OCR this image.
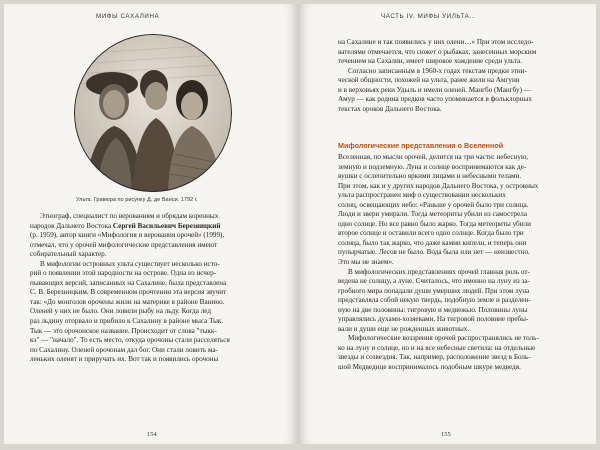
МИФЫ САХАЛИНА
Ульта. Гравюра по рисунку Д. де Ванси. 1792 г.
Этнограф, специалист по верованиям и обрядам коренных
народов Дальнего Востока Сергей Васильевич Березницкий
(р. 1959), автор книги «Мифология и верования орочей» (1999),
отмечал, что у орочей мифологические представления имеют
собирательный характер.
В мифологии островных ульта существует несколько исто-
рий о появлении этой народности на острове. Одна из исчер-
пывающих версий, записанных на Сахалине, была представлена
С. В. Березницким. В современном прочтении эта версия звучит
так: «До монголов орочены жили на материке в районе Ванино.
Оленей у них не было. Они ловили рыбу на льду. Когда лед
раз льдину оторвало и прибило к Сахалину в районе мыса Тык.
Тык — это орочонское название. Происходит от слова "тыкк-
кэ" — "начало". То есть место, откуда орочоны стали расселяться
по Сахалину. Оленей орочонам дал бог. Они стали ловить ма-
леньких оленят и приручать их. Вот так и появились орочоны
154
ЧАСТЬ IV. МИФЫ УИЛЬТА…
на Сахалине и так появились у них олени…» При этом исследо-
вателями отмечается, что сюжет о рыбаках, занесенных морским
течением на Сахалин, имеет широкое хождение среди ульта.
Согласно записанным в 1960-х годах текстам предки этни-
ческой общности, похожей на ульта, ранее жили на Амгуни
и в верховьях реки Удыль и имели оленей. Мангбо (Мангбу) —
Амур — как родина предков часто упоминается в фольклорных
текстах ороков Дальнего Востока.
Мифологические представления о Вселенной
Вселенная, по мысли орочей, делится на три части: небесную,
земную и подземную. Луна и солнце воспринимаются как де-
вушки с ослепительно яркими лицами и небесными телами.
При этом, как и у других народов Дальнего Востока, у островных
ульта распространен миф о существовании нескольких
солнц, освещающих небо: «Раньше у орочей было три солнца.
Люди и звери умирали. Тогда метеориты убили из самострела
одно солнце. Но все равно было жарко. Тогда метеориты убили
второе солнце и оставили всего одно солнце. Когда было три
солнца, было так жарко, что даже камни кипели, и теперь они
пупырчатые. Лесов не было. Вода была или нет — неизвестно.
Это мы не знаем».
В мифологических представлениях орочей главная роль от-
ведена не солнцу, а луне. Считалось, что именно на луну из за-
гробного мира попадали души умерших людей. При этом луна
представляла собой некую твердь, подобную земле и разделен-
ную на две половины: тигровую и медвежью. Половины луны
управлялись духами-хозяевами. На тигровой половине пребы-
вали и души еще не рожденных животных.
Мифологические воззрения орочей распространялись не толь-
ко на луну и солнце, но и на все небесные светила: на отдельные
звезды и созвездия. Так, например, расположение звезд в Боль-
шой Медведице воспринималось подобным шкуре медведя.
155
